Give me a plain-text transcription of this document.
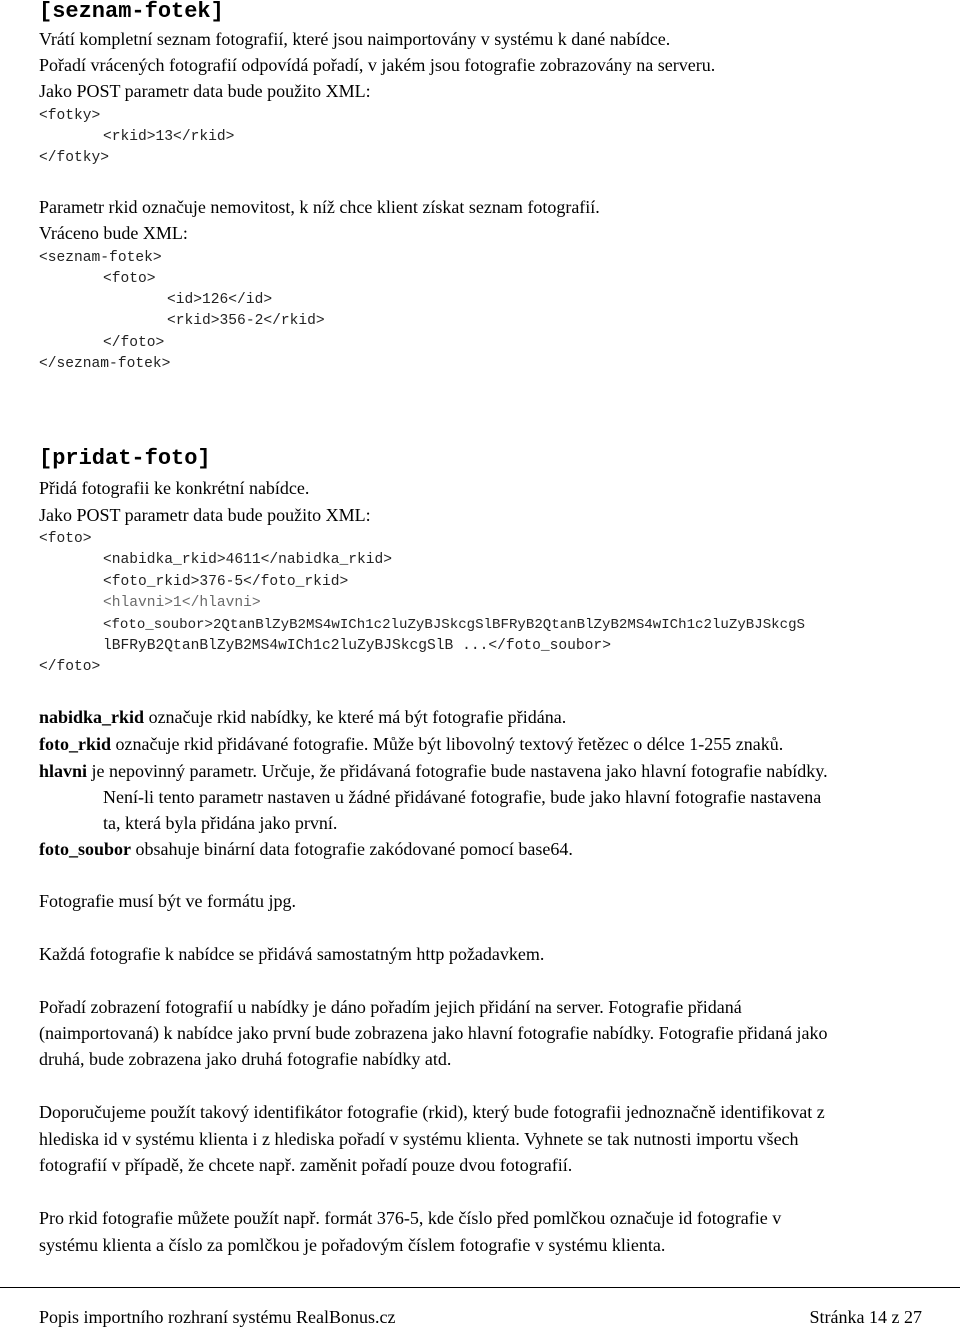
[seznam-fotek]
Vrátí kompletní seznam fotografií, které jsou naimportovány v systému k dané nabídce.
Pořadí vrácených fotografií odpovídá pořadí, v jakém jsou fotografie zobrazovány na serveru.
Jako POST parametr data bude použito XML:
<fotky>
<rkid>13</rkid>
</fotky>
Parametr rkid označuje nemovitost, k níž chce klient získat seznam fotografií.
Vráceno bude XML:
<seznam-fotek>
<foto>
<id>126</id>
<rkid>356-2</rkid>
</foto>
</seznam-fotek>
[pridat-foto]
Přidá fotografii ke konkrétní nabídce.
Jako POST parametr data bude použito XML:
<foto>
<nabidka_rkid>4611</nabidka_rkid>
<foto_rkid>376-5</foto_rkid>
<hlavni>1</hlavni>
<foto_soubor>2QtanBlZyB2MS4wICh1c2luZyBJSkcgSlBFRyB2QtanBlZyB2MS4wICh1c2luZyBJSkcgS
lBFRyB2QtanBlZyB2MS4wICh1c2luZyBJSkcgSlB ...</foto_soubor>
</foto>
nabidka_rkid označuje rkid nabídky, ke které má být fotografie přidána.
foto_rkid označuje rkid přidávané fotografie. Může být libovolný textový řetězec o délce 1-255 znaků.
hlavni je nepovinný parametr. Určuje, že přidávaná fotografie bude nastavena jako hlavní fotografie nabídky.
Není-li tento parametr nastaven u žádné přidávané fotografie, bude jako hlavní fotografie nastavena
ta, která byla přidána jako první.
foto_soubor obsahuje binární data fotografie zakódované pomocí base64.
Fotografie musí být ve formátu jpg.
Každá fotografie k nabídce se přidává samostatným http požadavkem.
Pořadí zobrazení fotografií u nabídky je dáno pořadím jejich přidání na server. Fotografie přidaná
(naimportovaná) k nabídce jako první bude zobrazena jako hlavní fotografie nabídky. Fotografie přidaná jako
druhá, bude zobrazena jako druhá fotografie nabídky atd.
Doporučujeme použít takový identifikátor fotografie (rkid), který bude fotografii jednoznačně identifikovat z
hlediska id v systému klienta i z hlediska pořadí v systému klienta. Vyhnete se tak nutnosti importu všech
fotografií v případě, že chcete např. zaměnit pořadí pouze dvou fotografií.
Pro rkid fotografie můžete použít např. formát 376-5, kde číslo před pomlčkou označuje id fotografie v
systému klienta a číslo za pomlčkou je pořadovým číslem fotografie v systému klienta.
Popis importního rozhraní systému RealBonus.cz	Stránka 14 z 27
